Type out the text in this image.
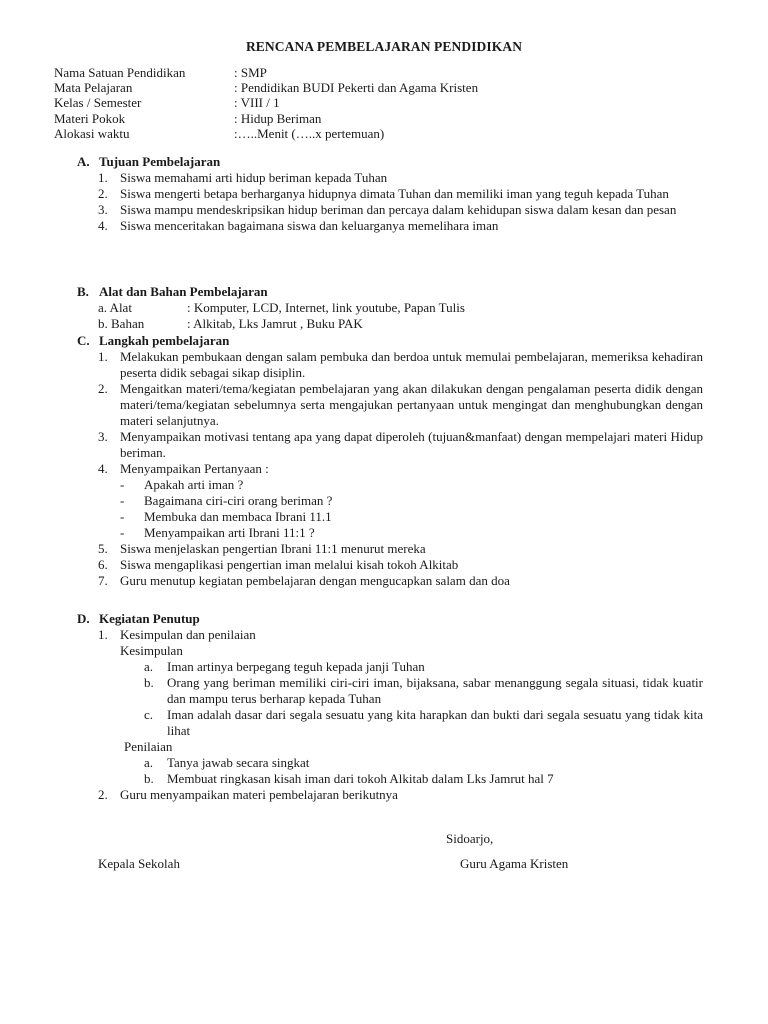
RENCANA PEMBELAJARAN PENDIDIKAN
Nama Satuan Pendidikan	: SMP
Mata Pelajaran	: Pendidikan BUDI Pekerti dan Agama Kristen
Kelas / Semester	: VIII / 1
Materi Pokok	: Hidup Beriman
Alokasi waktu	:…..Menit (…..x pertemuan)
A. Tujuan Pembelajaran
1. Siswa memahami arti hidup beriman kepada Tuhan
2. Siswa mengerti betapa berharganya hidupnya dimata Tuhan dan memiliki iman yang teguh kepada Tuhan
3. Siswa mampu mendeskripsikan hidup beriman dan percaya dalam kehidupan siswa dalam kesan dan pesan
4. Siswa menceritakan bagaimana siswa dan keluarganya memelihara iman
B. Alat dan Bahan Pembelajaran
a. Alat	: Komputer, LCD, Internet, link youtube, Papan Tulis
b. Bahan	: Alkitab, Lks Jamrut , Buku PAK
C. Langkah pembelajaran
1. Melakukan pembukaan dengan salam pembuka dan berdoa untuk memulai pembelajaran, memeriksa kehadiran peserta didik sebagai sikap disiplin.
2. Mengaitkan materi/tema/kegiatan pembelajaran yang akan dilakukan dengan pengalaman peserta didik dengan materi/tema/kegiatan sebelumnya serta mengajukan pertanyaan untuk mengingat dan menghubungkan dengan materi selanjutnya.
3. Menyampaikan motivasi tentang apa yang dapat diperoleh (tujuan&manfaat) dengan mempelajari materi Hidup beriman.
4. Menyampaikan Pertanyaan :
-	Apakah arti iman ?
-	Bagaimana ciri-ciri orang beriman ?
-	Membuka dan membaca Ibrani 11.1
-	Menyampaikan arti Ibrani 11:1 ?
5. Siswa menjelaskan pengertian Ibrani 11:1 menurut mereka
6. Siswa mengaplikasi pengertian iman melalui kisah tokoh Alkitab
7. Guru menutup kegiatan pembelajaran dengan mengucapkan salam dan doa
D. Kegiatan Penutup
1. Kesimpulan dan penilaian
Kesimpulan
a.	Iman artinya berpegang teguh kepada janji Tuhan
b.	Orang yang beriman memiliki ciri-ciri iman, bijaksana, sabar menanggung segala situasi, tidak kuatir dan mampu terus berharap kepada Tuhan
c.	Iman adalah dasar dari segala sesuatu yang kita harapkan dan bukti dari segala sesuatu yang tidak kita lihat
Penilaian
a.	Tanya jawab secara singkat
b.	Membuat ringkasan kisah iman dari tokoh Alkitab dalam Lks Jamrut hal 7
2. Guru menyampaikan materi pembelajaran berikutnya
Sidoarjo,
Kepala Sekolah	Guru Agama Kristen
